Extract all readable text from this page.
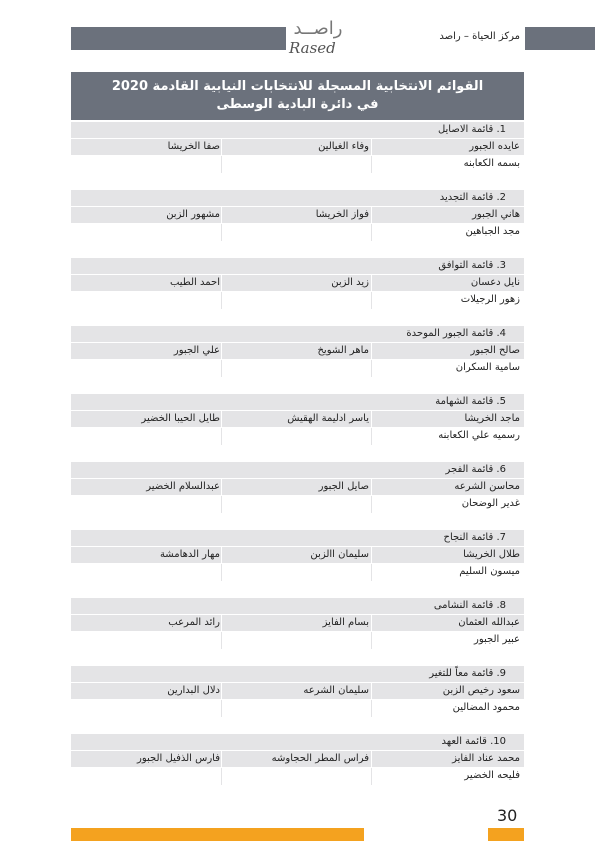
راصــد
Rased
مركز الحياة – راصد
القوائم الانتخابية المسجلة للانتخابات النيابية القادمة 2020
في دائرة البادية الوسطى
1. قائمة الاصايل
عايده الجبور
وفاء الغيالين
صفا الخريشا
بسمه الكعابنه
2. قائمة التجديد
هاني الجبور
فواز الخريشا
مشهور الزبن
مجد الجباهين
3. قائمة التوافق
نايل دعسان
زيد الزبن
احمد الطيب
زهور الرجيلات
4. قائمة الجبور الموحدة
صالح الجبور
ماهر الشويخ
علي الجبور
سامية السكران
5. قائمة الشهامة
ماجد الخريشا
ياسر ادليمة الهقيش
طايل الحيبا الخضير
رسميه علي الكعابنه
6. قائمة الفجر
محاسن الشرعه
صايل الجبور
عبدالسلام الخضير
غدير الوضحان
7. قائمة النجاح
طلال الخريشا
سليمان االزبن
مهار الدهامشة
ميسون السليم
8. قائمة النشامى
عبدالله العثمان
بسام الفايز
رائد المرعب
عبير الجبور
9. قائمة معاً للتغير
سعود رخيص الزبن
سليمان الشرعه
دلال البدارين
محمود المضالين
10. قائمة العهد
محمد عناد الفايز
فراس المطر الحجاوشه
فارس الذفيل الجبور
فليحه الخضير
30
